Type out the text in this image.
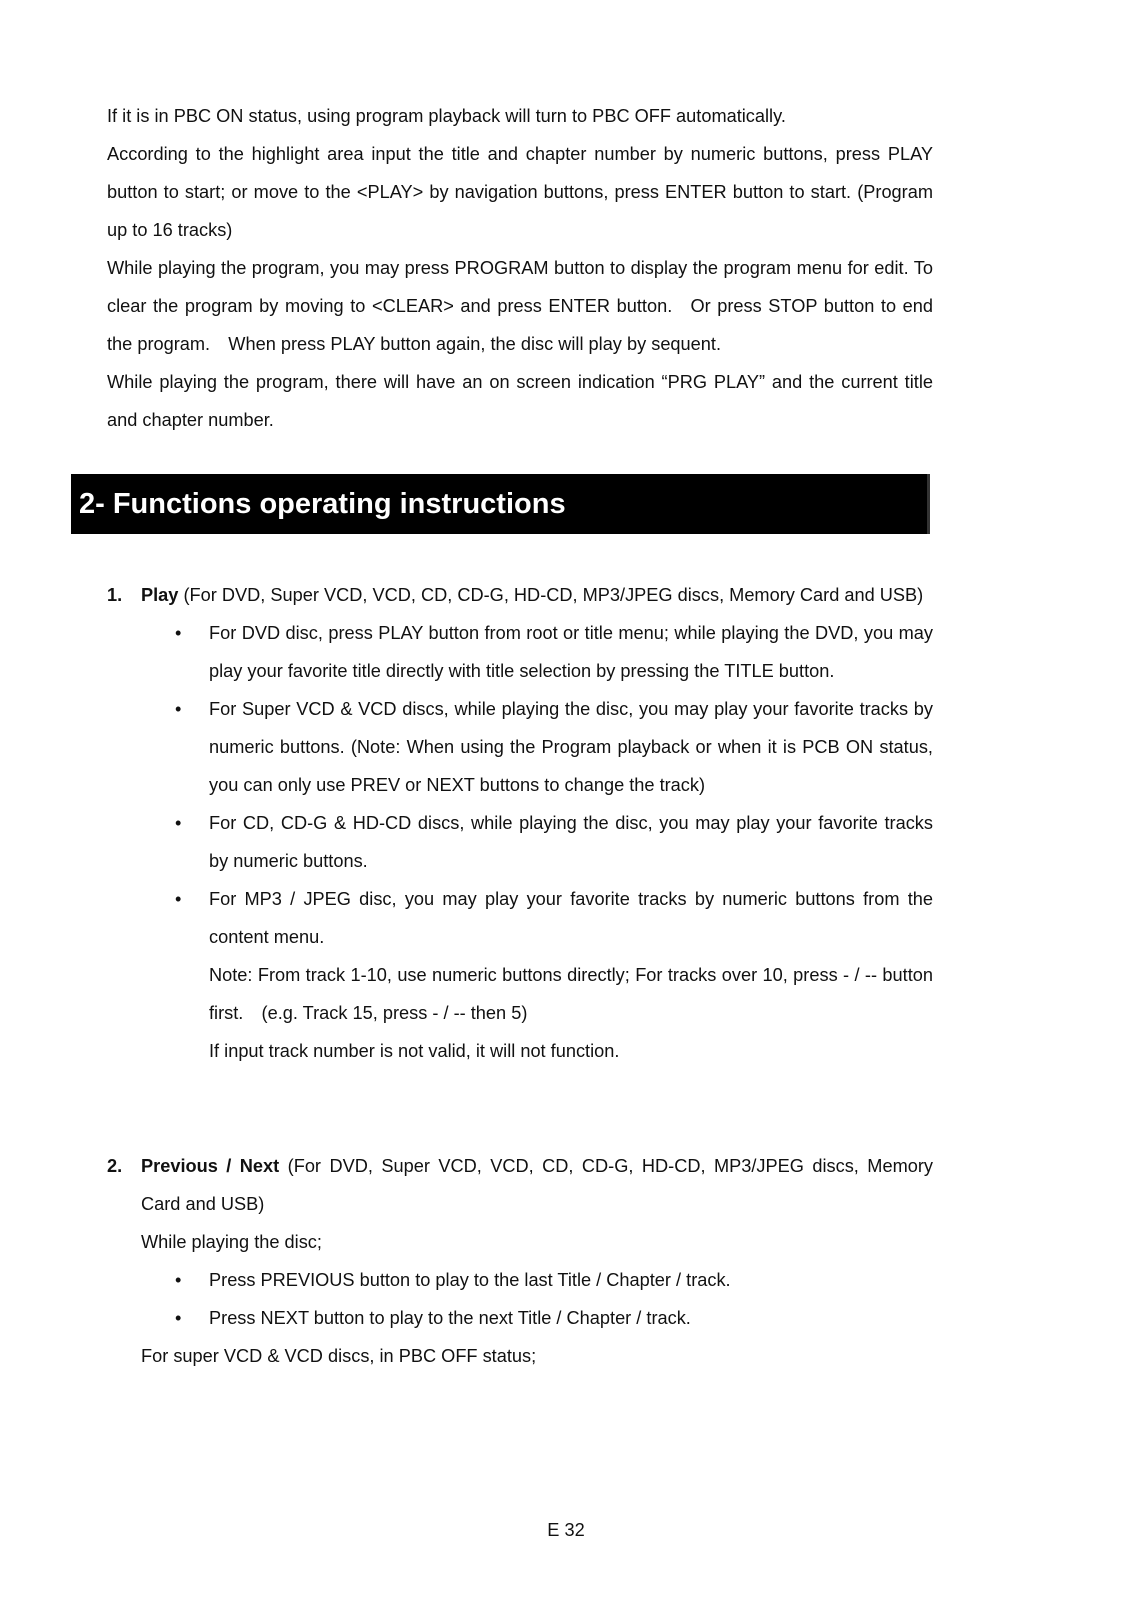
If it is in PBC ON status, using program playback will turn to PBC OFF automatically.

According to the highlight area input the title and chapter number by numeric buttons, press PLAY button to start; or move to the <PLAY> by navigation buttons, press ENTER button to start. (Program up to 16 tracks)

While playing the program, you may press PROGRAM button to display the program menu for edit. To clear the program by moving to <CLEAR> and press ENTER button. Or press STOP button to end the program. When press PLAY button again, the disc will play by sequent.

While playing the program, there will have an on screen indication “PRG PLAY” and the current title and chapter number.

2- Functions operating instructions
1. Play (For DVD, Super VCD, VCD, CD, CD-G, HD-CD, MP3/JPEG discs, Memory Card and USB)
• For DVD disc, press PLAY button from root or title menu; while playing the DVD, you may play your favorite title directly with title selection by pressing the TITLE button.
• For Super VCD & VCD discs, while playing the disc, you may play your favorite tracks by numeric buttons. (Note: When using the Program playback or when it is PCB ON status, you can only use PREV or NEXT buttons to change the track)
• For CD, CD-G & HD-CD discs, while playing the disc, you may play your favorite tracks by numeric buttons.
• For MP3 / JPEG disc, you may play your favorite tracks by numeric buttons from the content menu.
Note: From track 1-10, use numeric buttons directly; For tracks over 10, press - / -- button first. (e.g. Track 15, press - / -- then 5)
If input track number is not valid, it will not function.
2. Previous / Next (For DVD, Super VCD, VCD, CD, CD-G, HD-CD, MP3/JPEG discs, Memory Card and USB)
While playing the disc;
• Press PREVIOUS button to play to the last Title / Chapter / track.
• Press NEXT button to play to the next Title / Chapter / track.
For super VCD & VCD discs, in PBC OFF status;
E 32
